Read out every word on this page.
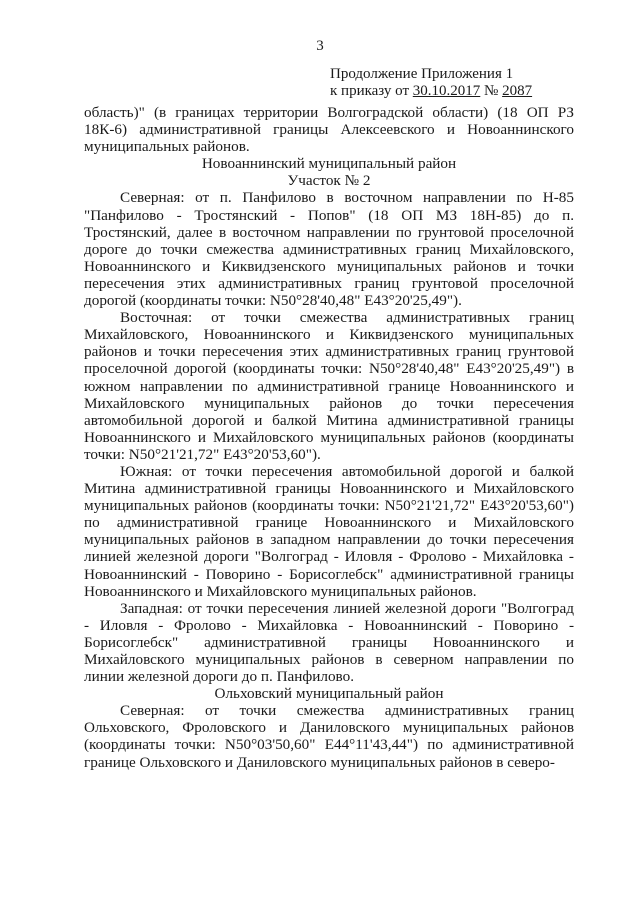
3
Продолжение Приложения 1
к приказу от 30.10.2017 № 2087

область)" (в границах территории Волгоградской области) (18 ОП РЗ 18К-6) административной границы Алексеевского и Новоаннинского муниципальных районов.

Новоаннинский муниципальный район

Участок № 2

Северная: от п. Панфилово в восточном направлении по Н-85 "Панфилово - Тростянский - Попов" (18 ОП МЗ 18Н-85) до п. Тростянский, далее в восточном направлении по грунтовой проселочной дороге до точки смежества административных границ Михайловского, Новоаннинского и Киквидзенского муниципальных районов и точки пересечения этих административных границ грунтовой проселочной дорогой (координаты точки: N50°28'40,48" E43°20'25,49").

Восточная: от точки смежества административных границ Михайловского, Новоаннинского и Киквидзенского муниципальных районов и точки пересечения этих административных границ грунтовой проселочной дорогой (координаты точки: N50°28'40,48" E43°20'25,49") в южном направлении по административной границе Новоаннинского и Михайловского муниципальных районов до точки пересечения автомобильной дорогой и балкой Митина административной границы Новоаннинского и Михайловского муниципальных районов (координаты точки: N50°21'21,72" E43°20'53,60").

Южная: от точки пересечения автомобильной дорогой и балкой Митина административной границы Новоаннинского и Михайловского муниципальных районов (координаты точки: N50°21'21,72" E43°20'53,60") по административной границе Новоаннинского и Михайловского муниципальных районов в западном направлении до точки пересечения линией железной дороги "Волгоград - Иловля - Фролово - Михайловка - Новоаннинский - Поворино - Борисоглебск" административной границы Новоаннинского и Михайловского муниципальных районов.

Западная: от точки пересечения линией железной дороги "Волгоград - Иловля - Фролово - Михайловка - Новоаннинский - Поворино - Борисоглебск" административной границы Новоаннинского и Михайловского муниципальных районов в северном направлении по линии железной дороги до п. Панфилово.

Ольховский муниципальный район

Северная: от точки смежества административных границ Ольховского, Фроловского и Даниловского муниципальных районов (координаты точки: N50°03'50,60" E44°11'43,44") по административной границе Ольховского и Даниловского муниципальных районов в северо-
